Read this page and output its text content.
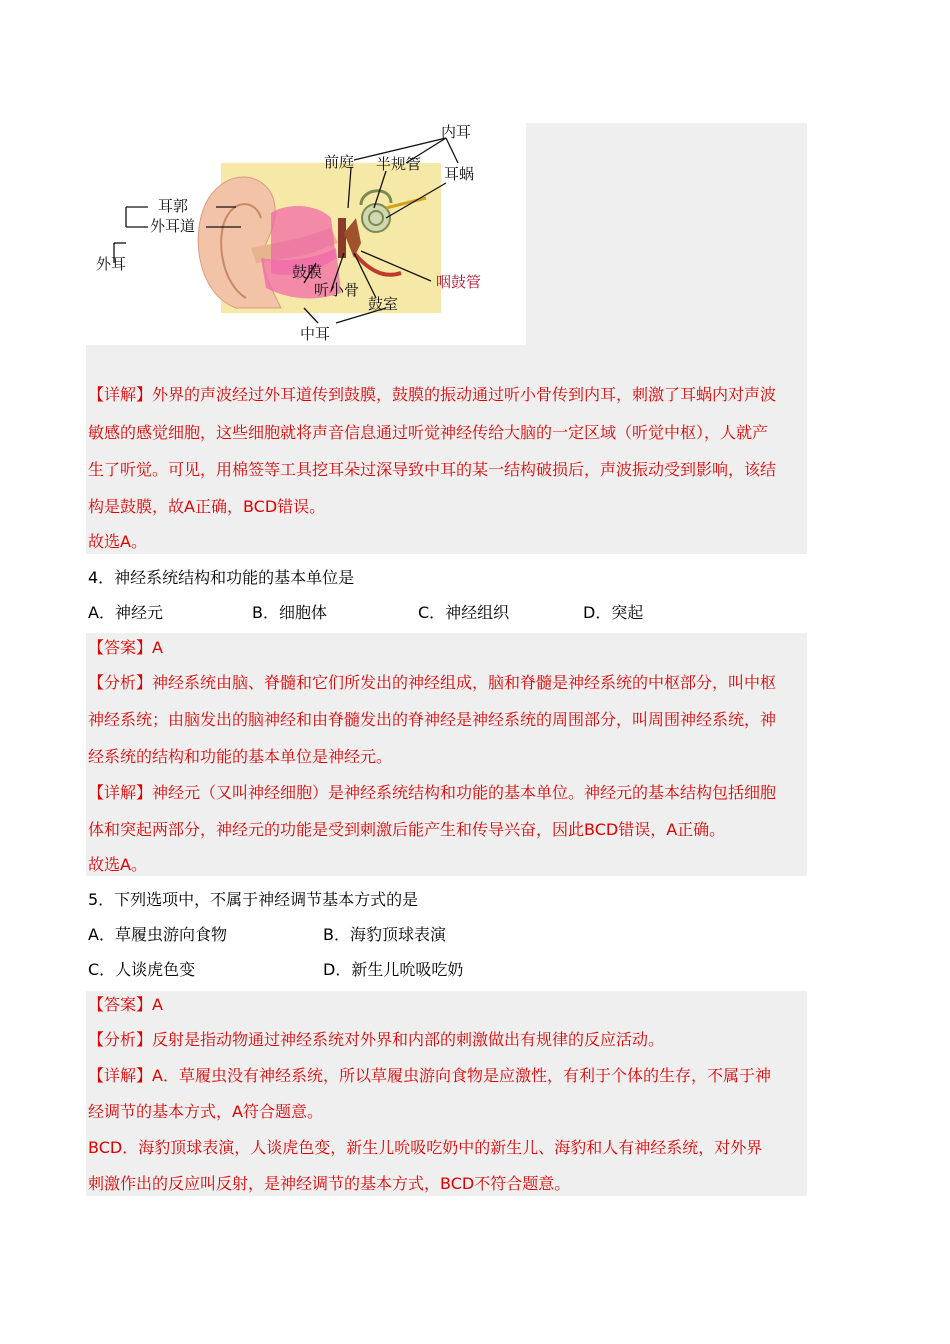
内耳
前庭 半规管
耳蜗
耳郭
外耳道
外耳	鼓膜
听小骨
鼓室
咽鼓管
中耳
【详解】外界的声波经过外耳道传到鼓膜，鼓膜的振动通过听小骨传到内耳，刺激了耳蜗内对声波
敏感的感觉细胞，这些细胞就将声音信息通过听觉神经传给大脑的一定区域（听觉中枢），人就产
生了听觉。可见，用棉签等工具挖耳朵过深导致中耳的某一结构破损后，声波振动受到影响，该结
构是鼓膜，故A正确，BCD错误。
故选A。
4．神经系统结构和功能的基本单位是
A．神经元	B．细胞体	C．神经组织	D．突起
【答案】A
【分析】神经系统由脑、脊髓和它们所发出的神经组成，脑和脊髓是神经系统的中枢部分，叫中枢
神经系统；由脑发出的脑神经和由脊髓发出的脊神经是神经系统的周围部分，叫周围神经系统，神
经系统的结构和功能的基本单位是神经元。
【详解】神经元（又叫神经细胞）是神经系统结构和功能的基本单位。神经元的基本结构包括细胞
体和突起两部分，神经元的功能是受到刺激后能产生和传导兴奋，因此BCD错误，A正确。
故选A。
5．下列选项中，不属于神经调节基本方式的是
A．草履虫游向食物	B．海豹顶球表演
C．人谈虎色变	D．新生儿吮吸吃奶
【答案】A
【分析】反射是指动物通过神经系统对外界和内部的刺激做出有规律的反应活动。
【详解】A．草履虫没有神经系统，所以草履虫游向食物是应激性，有利于个体的生存，不属于神
经调节的基本方式，A符合题意。
BCD．海豹顶球表演，人谈虎色变，新生儿吮吸吃奶中的新生儿、海豹和人有神经系统，对外界
刺激作出的反应叫反射，是神经调节的基本方式，BCD不符合题意。
